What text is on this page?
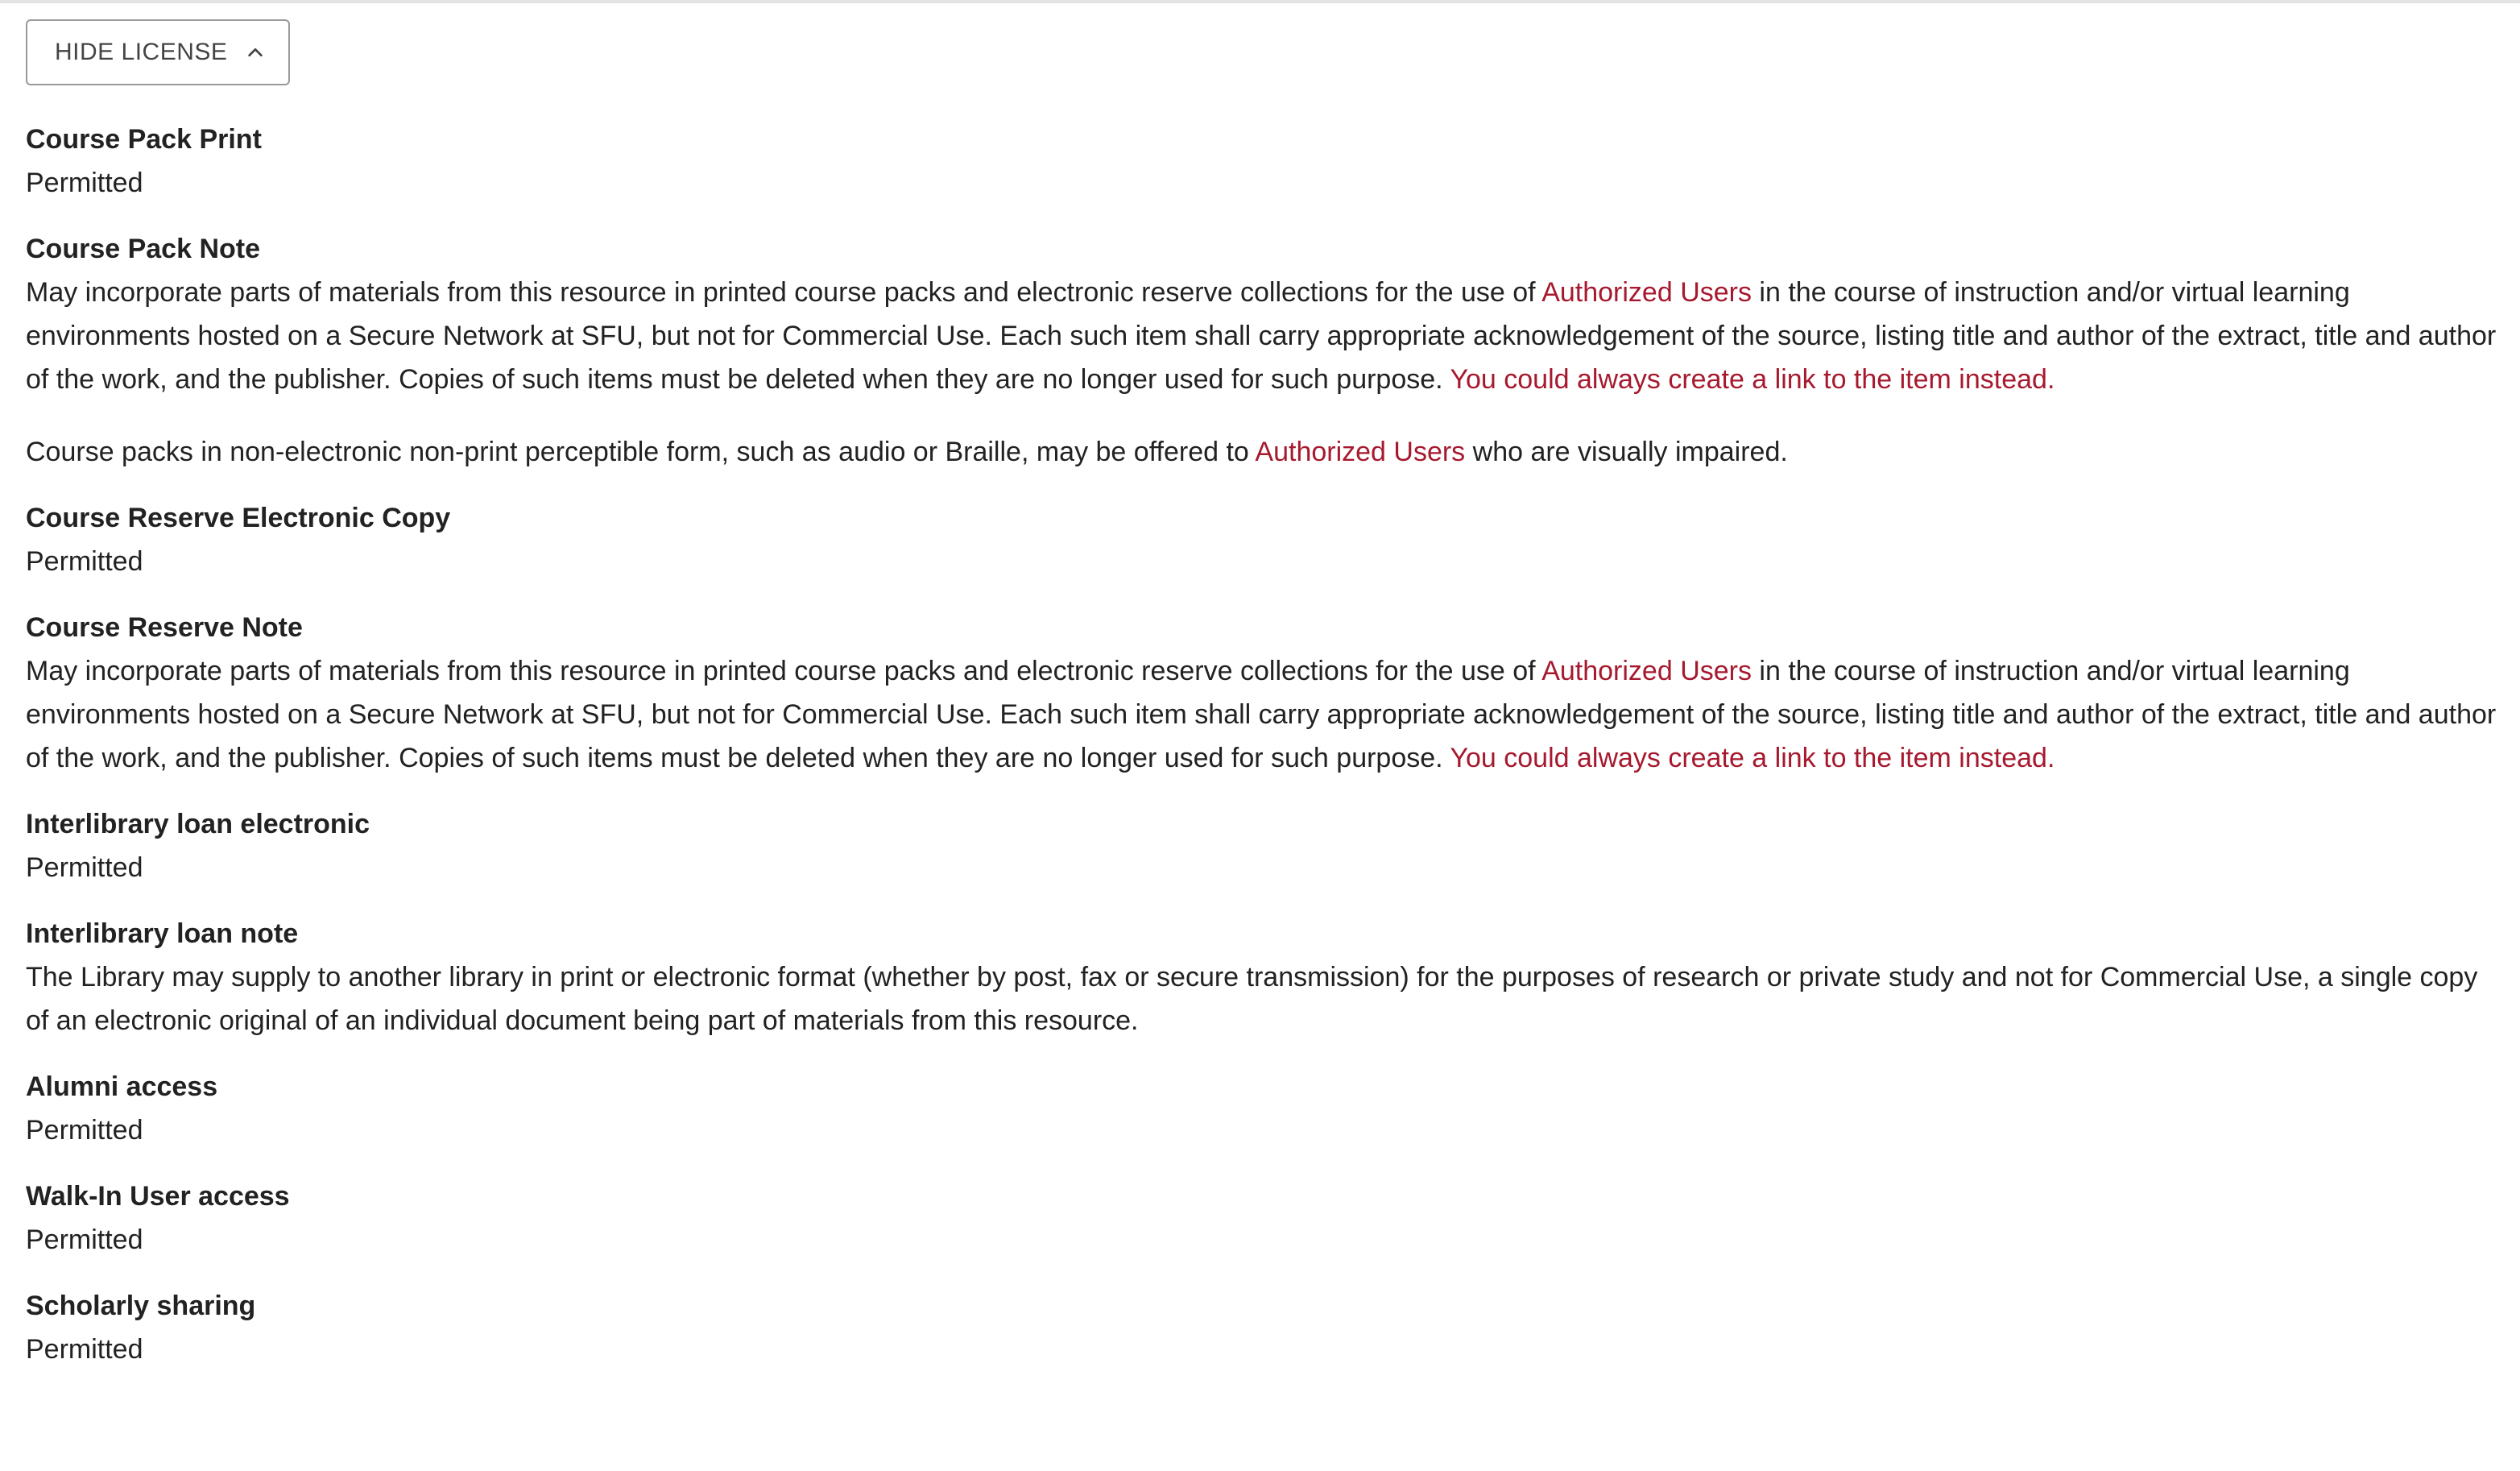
HIDE LICENSE
Course Pack Print
Permitted
Course Pack Note

May incorporate parts of materials from this resource in printed course packs and electronic reserve collections for the use of Authorized Users in the course of instruction and/or virtual learning environments hosted on a Secure Network at SFU, but not for Commercial Use. Each such item shall carry appropriate acknowledgement of the source, listing title and author of the extract, title and author of the work, and the publisher. Copies of such items must be deleted when they are no longer used for such purpose. You could always create a link to the item instead.

Course packs in non-electronic non-print perceptible form, such as audio or Braille, may be offered to Authorized Users who are visually impaired.

Course Reserve Electronic Copy
Permitted
Course Reserve Note

May incorporate parts of materials from this resource in printed course packs and electronic reserve collections for the use of Authorized Users in the course of instruction and/or virtual learning environments hosted on a Secure Network at SFU, but not for Commercial Use. Each such item shall carry appropriate acknowledgement of the source, listing title and author of the extract, title and author of the work, and the publisher. Copies of such items must be deleted when they are no longer used for such purpose. You could always create a link to the item instead.

Interlibrary loan electronic
Permitted
Interlibrary loan note
The Library may supply to another library in print or electronic format (whether by post, fax or secure transmission) for the purposes of research or private study and not for Commercial Use, a single copy of an electronic original of an individual document being part of materials from this resource.
Alumni access
Permitted
Walk-In User access
Permitted
Scholarly sharing
Permitted
